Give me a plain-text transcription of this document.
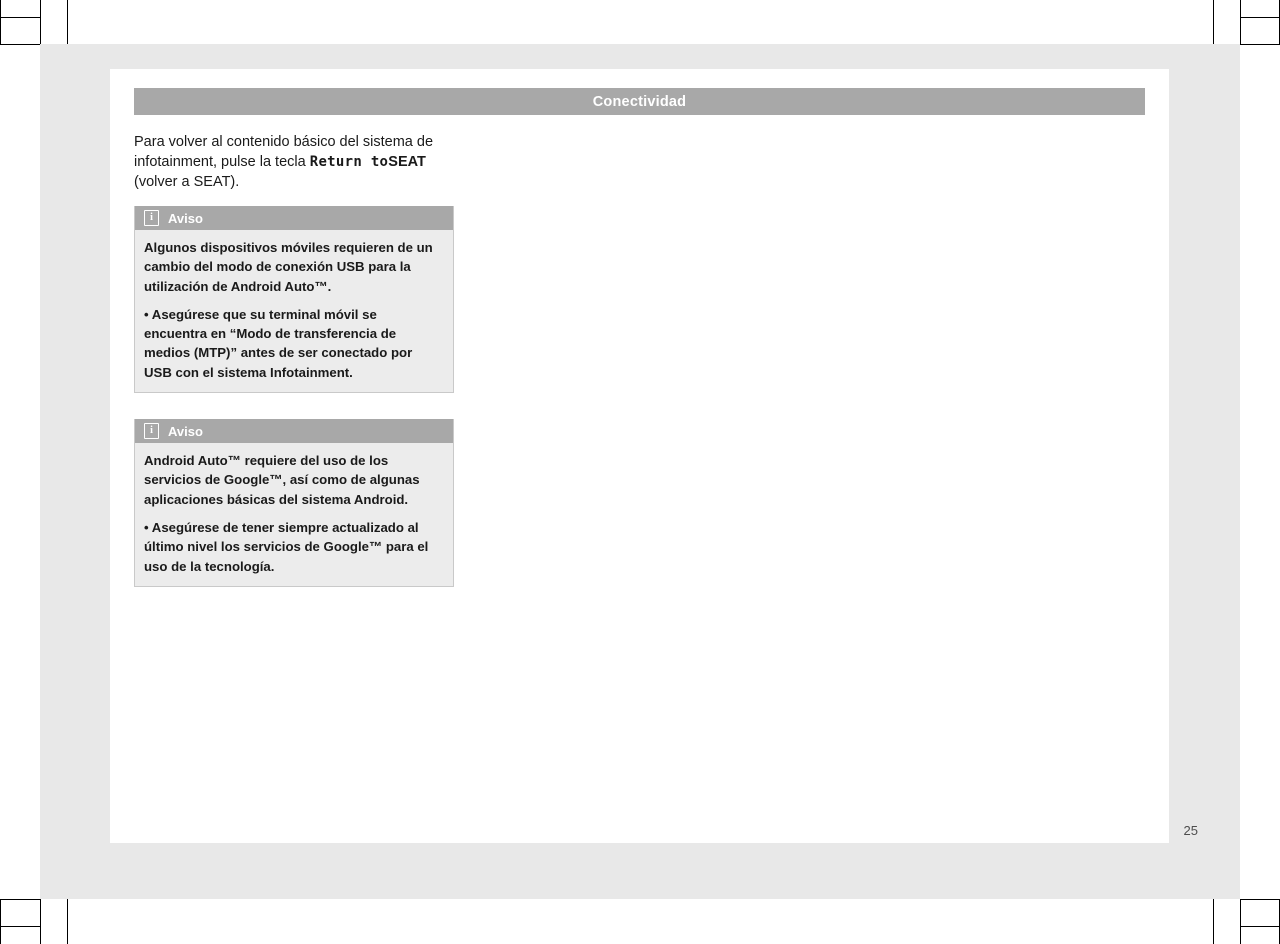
Conectividad

Para volver al contenido básico del sistema de infotainment, pulse la tecla Return toSEAT (volver a SEAT).

i	Aviso

Algunos dispositivos móviles requieren de un cambio del modo de conexión USB para la utilización de Android Auto™.

• Asegúrese que su terminal móvil se encuentra en “Modo de transferencia de medios (MTP)” antes de ser conectado por USB con el sistema Infotainment.

i	Aviso

Android Auto™ requiere del uso de los servicios de Google™, así como de algunas aplicaciones básicas del sistema Android.

• Asegúrese de tener siempre actualizado al último nivel los servicios de Google™ para el uso de la tecnología.

25
